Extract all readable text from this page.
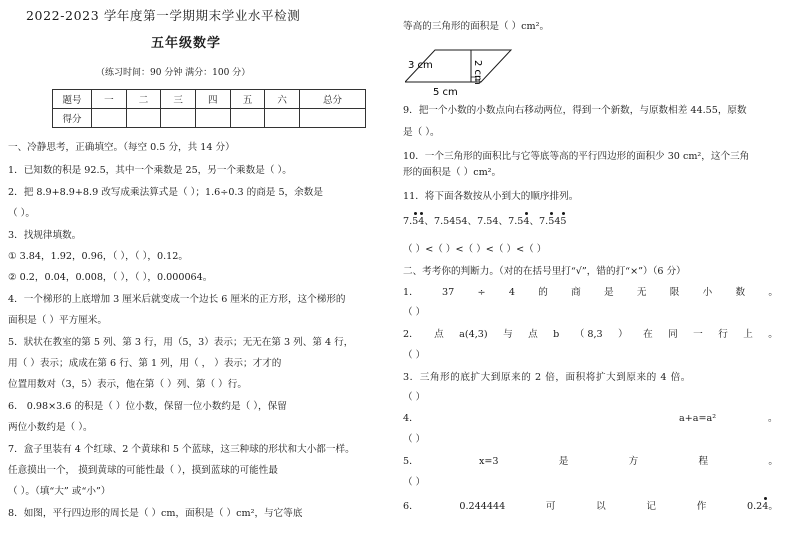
2022-2023 学年度第一学期期末学业水平检测
五年级数学
（练习时间：90 分钟 满分：100 分）
题号	一	二	三	四	五	六	总分
得分							
一、冷静思考，正确填空。（每空 0.5 分，共 14 分）
1．已知数的积是 92.5，其中一个乘数是 25，另一个乘数是（ ）。
2．把 8.9+8.9+8.9 改写成乘法算式是（ ）；1.6÷0.3 的商是 5，余数是
（ ）。
3．找规律填数。
① 3.84，1.92，0.96，（ ），（ ），0.12。
② 0.2，0.04，0.008，（ ），（ ），0.000064。
4．一个梯形的上底增加 3 厘米后就变成一个边长 6 厘米的正方形，这个梯形的
面积是（ ）平方厘米。
5．狀状在教室的第 5 列、第 3 行，用（5，3）表示；无无在第 3 列、第 4 行，
用（ ）表示；成成在第 6 行、第 1 列，用（ ， ）表示；才才的
位置用数对（3，5）表示，他在第（ ）列、第（ ）行。
6． 0.98×3.6 的积是（ ）位小数，保留一位小数约是（ ），保留
两位小数约是（ ）。
7．盒子里装有 4 个红球、2 个黄球和 5 个蓝球，这三种球的形状和大小都一样。
任意摸出一个， 摸到黄球的可能性最（ ），摸到蓝球的可能性最
（ ）。（填“大” 或“小”）
8．如图，平行四边形的周长是（ ）cm，面积是（ ）cm²，与它等底
等高的三角形的面积是（ ）cm²。
3 cm	2 cm
5 cm
9．把一个小数的小数点向右移动两位，得到一个新数，与原数相差 44.55，原数
是（ ）。
10．一个三角形的面积比与它等底等高的平行四边形的面积少 30 cm²，这个三角
形的面积是（ ）cm²。
11．将下面各数按从小到大的顺序排列。
7.54、7.5454、7.54、7.54、7.545
（ ）<（ ）<（ ）<（ ）<（ ）
二、考考你的判断力。（对的在括号里打“√”，错的打“×”）（6 分）
1． 37 ÷ 4 的 商 是 无 限 小 数 。
（ ）
2． 点 a(4,3) 与 点 b （ 8,3 ） 在 同 一 行 上 。
（ ）
3．三角形的底扩大到原来的 2 倍，面积将扩大到原来的 4 倍。
（ ）
4．	a+a=a²	。
（ ）
5．	x=3	是	方	程	。
（ ）
6．	0.244444	可	以	记	作	0.24。
